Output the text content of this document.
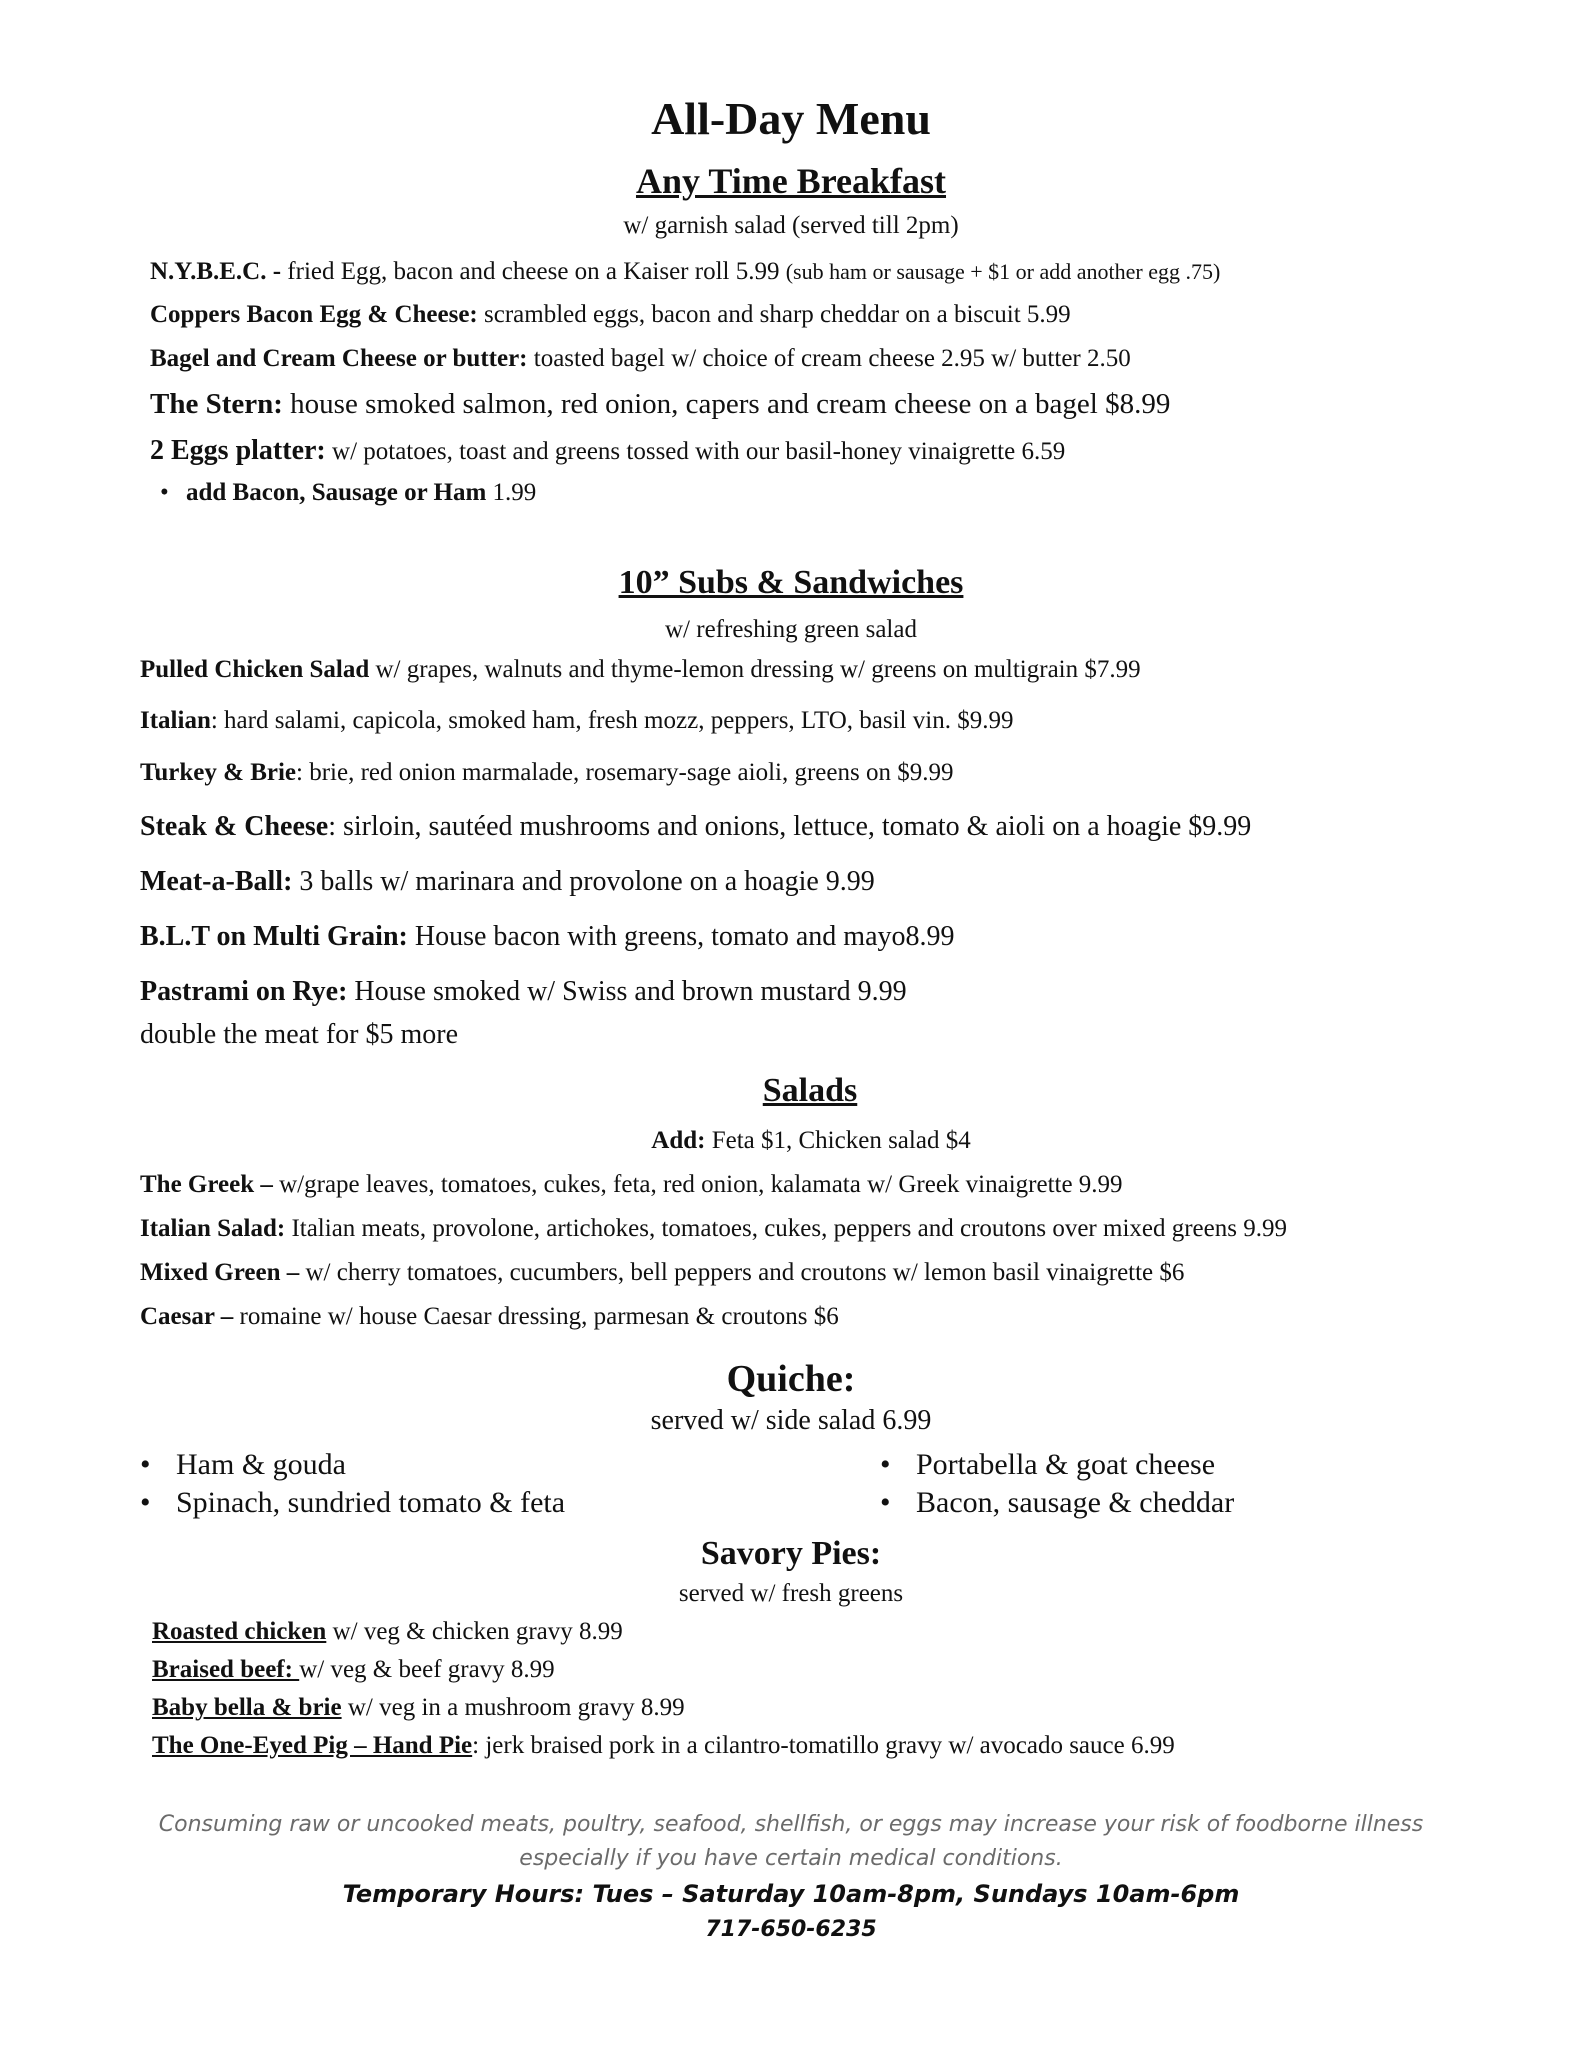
All-Day Menu
Any Time Breakfast
w/ garnish salad (served till 2pm)
N.Y.B.E.C. - fried Egg, bacon and cheese on a Kaiser roll 5.99 (sub ham or sausage + $1 or add another egg .75)
Coppers Bacon Egg & Cheese: scrambled eggs, bacon and sharp cheddar on a biscuit 5.99
Bagel and Cream Cheese or butter: toasted bagel w/ choice of cream cheese 2.95 w/ butter 2.50
The Stern: house smoked salmon, red onion, capers and cream cheese on a bagel $8.99
2 Eggs platter: w/ potatoes, toast and greens tossed with our basil-honey vinaigrette 6.59
• add Bacon, Sausage or Ham 1.99
10” Subs & Sandwiches
w/ refreshing green salad
Pulled Chicken Salad w/ grapes, walnuts and thyme-lemon dressing w/ greens on multigrain $7.99
Italian: hard salami, capicola, smoked ham, fresh mozz, peppers, LTO, basil vin. $9.99
Turkey & Brie: brie, red onion marmalade, rosemary-sage aioli, greens on $9.99
Steak & Cheese: sirloin, sautéed mushrooms and onions, lettuce, tomato & aioli on a hoagie $9.99
Meat-a-Ball: 3 balls w/ marinara and provolone on a hoagie 9.99
B.L.T on Multi Grain: House bacon with greens, tomato and mayo8.99
Pastrami on Rye: House smoked w/ Swiss and brown mustard 9.99
double the meat for $5 more
Salads
Add: Feta $1, Chicken salad $4
The Greek – w/grape leaves, tomatoes, cukes, feta, red onion, kalamata w/ Greek vinaigrette 9.99
Italian Salad: Italian meats, provolone, artichokes, tomatoes, cukes, peppers and croutons over mixed greens 9.99
Mixed Green – w/ cherry tomatoes, cucumbers, bell peppers and croutons w/ lemon basil vinaigrette $6
Caesar – romaine w/ house Caesar dressing, parmesan & croutons $6
Quiche:
served w/ side salad 6.99
• Ham & gouda
• Spinach, sundried tomato & feta
• Portabella & goat cheese
• Bacon, sausage & cheddar
Savory Pies:
served w/ fresh greens
Roasted chicken w/ veg & chicken gravy 8.99
Braised beef: w/ veg & beef gravy 8.99
Baby bella & brie w/ veg in a mushroom gravy 8.99
The One-Eyed Pig – Hand Pie: jerk braised pork in a cilantro-tomatillo gravy w/ avocado sauce 6.99
Consuming raw or uncooked meats, poultry, seafood, shellfish, or eggs may increase your risk of foodborne illness
especially if you have certain medical conditions.
Temporary Hours: Tues – Saturday 10am-8pm, Sundays 10am-6pm
717-650-6235
